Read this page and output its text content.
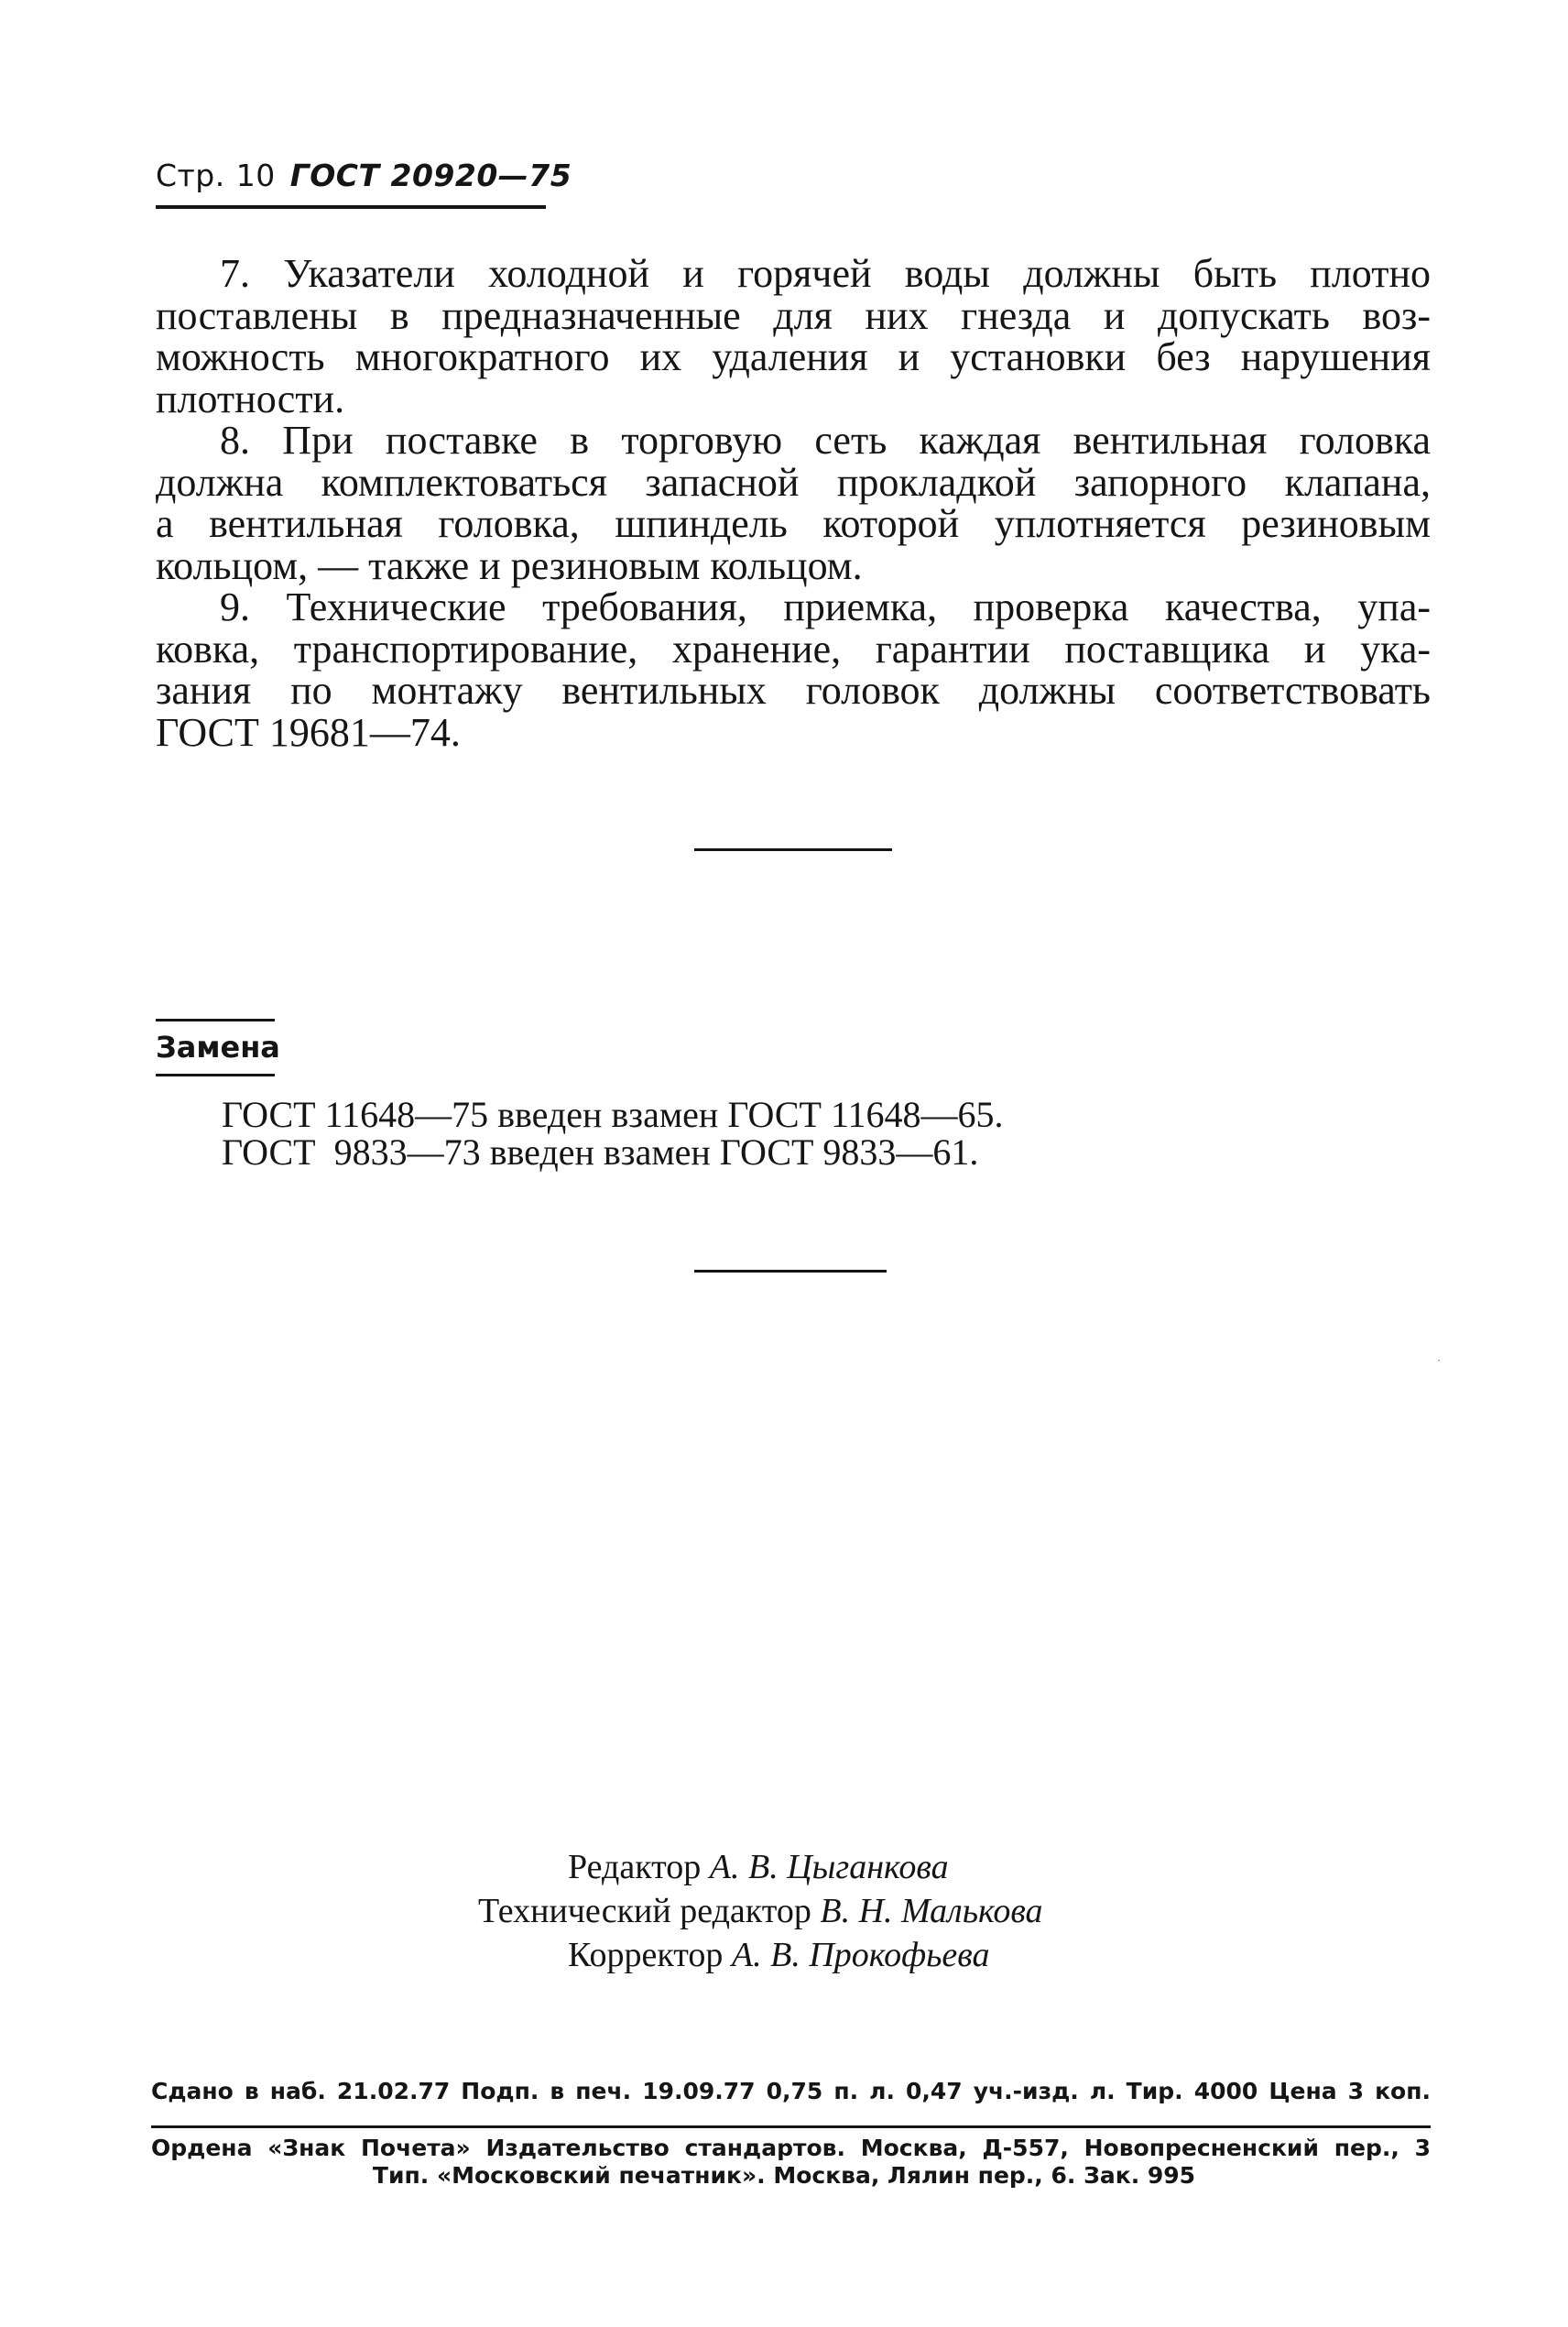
Стр. 10 ГОСТ 20920—75

7. Указатели холодной и горячей воды должны быть плотно
поставлены в предназначенные для них гнезда и допускать воз-
можность многократного их удаления и установки без нарушения
плотности.

8. При поставке в торговую сеть каждая вентильная головка
должна комплектоваться запасной прокладкой запорного клапана,
а вентильная головка, шпиндель которой уплотняется резиновым
кольцом, — также и резиновым кольцом.

9. Технические требования, приемка, проверка качества, упа-
ковка, транспортирование, хранение, гарантии поставщика и ука-
зания по монтажу вентильных головок должны соответствовать
ГОСТ 19681—74.

Замена
ГОСТ 11648—75 введен взамен ГОСТ 11648—65.
ГОСТ  9833—73 введен взамен ГОСТ 9833—61.
Редактор А. В. Цыганкова
Технический редактор В. Н. Малькова
Корректор А. В. Прокофьева
Сдано в наб. 21.02.77 Подп. в печ. 19.09.77 0,75 п. л. 0,47 уч.-изд. л. Тир. 4000 Цена 3 коп.
Ордена «Знак Почета» Издательство стандартов. Москва, Д-557, Новопресненский пер., 3
Тип. «Московский печатник». Москва, Лялин пер., 6. Зак. 995
